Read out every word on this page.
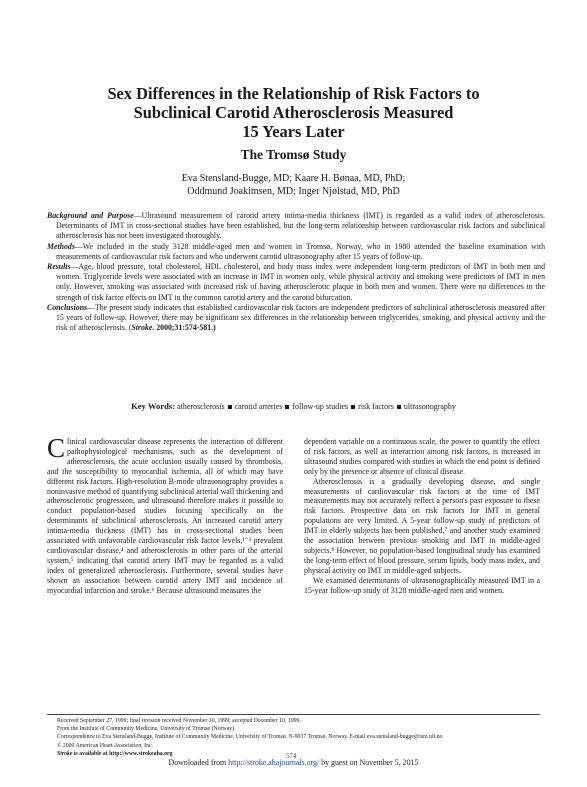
Sex Differences in the Relationship of Risk Factors to
Subclinical Carotid Atherosclerosis Measured
15 Years Later
The Tromsø Study
Eva Stensland-Bugge, MD; Kaare H. Bønaa, MD, PhD;
Oddmund Joakimsen, MD; Inger Njølstad, MD, PhD

Background and Purpose—Ultrasound measurement of carotid artery intima-media thickness (IMT) is regarded as a valid index of atherosclerosis. Determinants of IMT in cross-sectional studies have been established, but the long-term relationship between cardiovascular risk factors and subclinical atherosclerosis has not been investigated thoroughly.

Methods—We included in the study 3128 middle-aged men and women in Tromsø, Norway, who in 1980 attended the baseline examination with measurements of cardiovascular risk factors and who underwent carotid ultrasonography after 15 years of follow-up.

Results—Age, blood pressure, total cholesterol, HDL cholesterol, and body mass index were independent long-term predictors of IMT in both men and women. Triglyceride levels were associated with an increase in IMT in women only, while physical activity and smoking were predictors of IMT in men only. However, smoking was associated with increased risk of having atherosclerotic plaque in both men and women. There were no differences in the strength of risk factor effects on IMT in the common carotid artery and the carotid bifurcation.

Conclusions—The present study indicates that established cardiovascular risk factors are independent predictors of subclinical atherosclerosis measured after 15 years of follow-up. However, there may be significant sex differences in the relationship between triglycerides, smoking, and physical activity and the risk of atherosclerosis. (Stroke. 2000;31:574-581.)

Key Words: atherosclerosis carotid arteries follow-up studies risk factors ultrasonography

Clinical cardiovascular disease represents the interaction of different pathophysiological mechanisms, such as the development of atherosclerosis, the acute occlusion usually caused by thrombosis, and the susceptibility to myocardial ischemia, all of which may have different risk factors. High-resolution B-mode ultrasonography provides a noninvasive method of quantifying subclinical arterial wall thickening and atherosclerotic progression, and ultrasound therefore makes it possible to conduct population-based studies focusing specifically on the determinants of subclinical atherosclerosis. An increased carotid artery intima-media thickness (IMT) has in cross-sectional studies been associated with unfavorable cardiovascular risk factor levels,¹⁻³ prevalent cardiovascular disease,⁴ and atherosclerosis in other parts of the arterial system,⁵ indicating that carotid artery IMT may be regarded as a valid index of generalized atherosclerosis. Furthermore, several studies have shown an association between carotid artery IMT and incidence of myocardial infarction and stroke.⁶ Because ultrasound measures the

dependent variable on a continuous scale, the power to quantify the effect of risk factors, as well as interaction among risk factors, is increased in ultrasound studies compared with studies in which the end point is defined only by the presence or absence of clinical disease.

Atherosclerosis is a gradually developing disease, and single measurements of cardiovascular risk factors at the time of IMT measurements may not accurately reflect a person's past exposure to these risk factors. Prospective data on risk factors for IMT in general populations are very limited. A 5-year follow-up study of predictors of IMT in elderly subjects has been published,⁷ and another study examined the association between previous smoking and IMT in middle-aged subjects.⁸ However, no population-based longitudinal study has examined the long-term effect of blood pressure, serum lipids, body mass index, and physical activity on IMT in middle-aged subjects.

We examined determinants of ultrasonographically measured IMT in a 15-year follow-up study of 3128 middle-aged men and women.

Received September 27, 1999; final revision received November 30, 1999; accepted December 10, 1999.
From the Institute of Community Medicine, University of Tromsø (Norway).
Correspondence to Eva Stensland-Bugge, Institute of Community Medicine, University of Tromsø, N-9037 Tromsø, Norway. E-mail eva.stensland-bugge@ism.uit.no
© 2000 American Heart Association, Inc.
Stroke is available at http://www.strokeaha.org	574
Downloaded from http://stroke.ahajournals.org/ by guest on November 5, 2015
